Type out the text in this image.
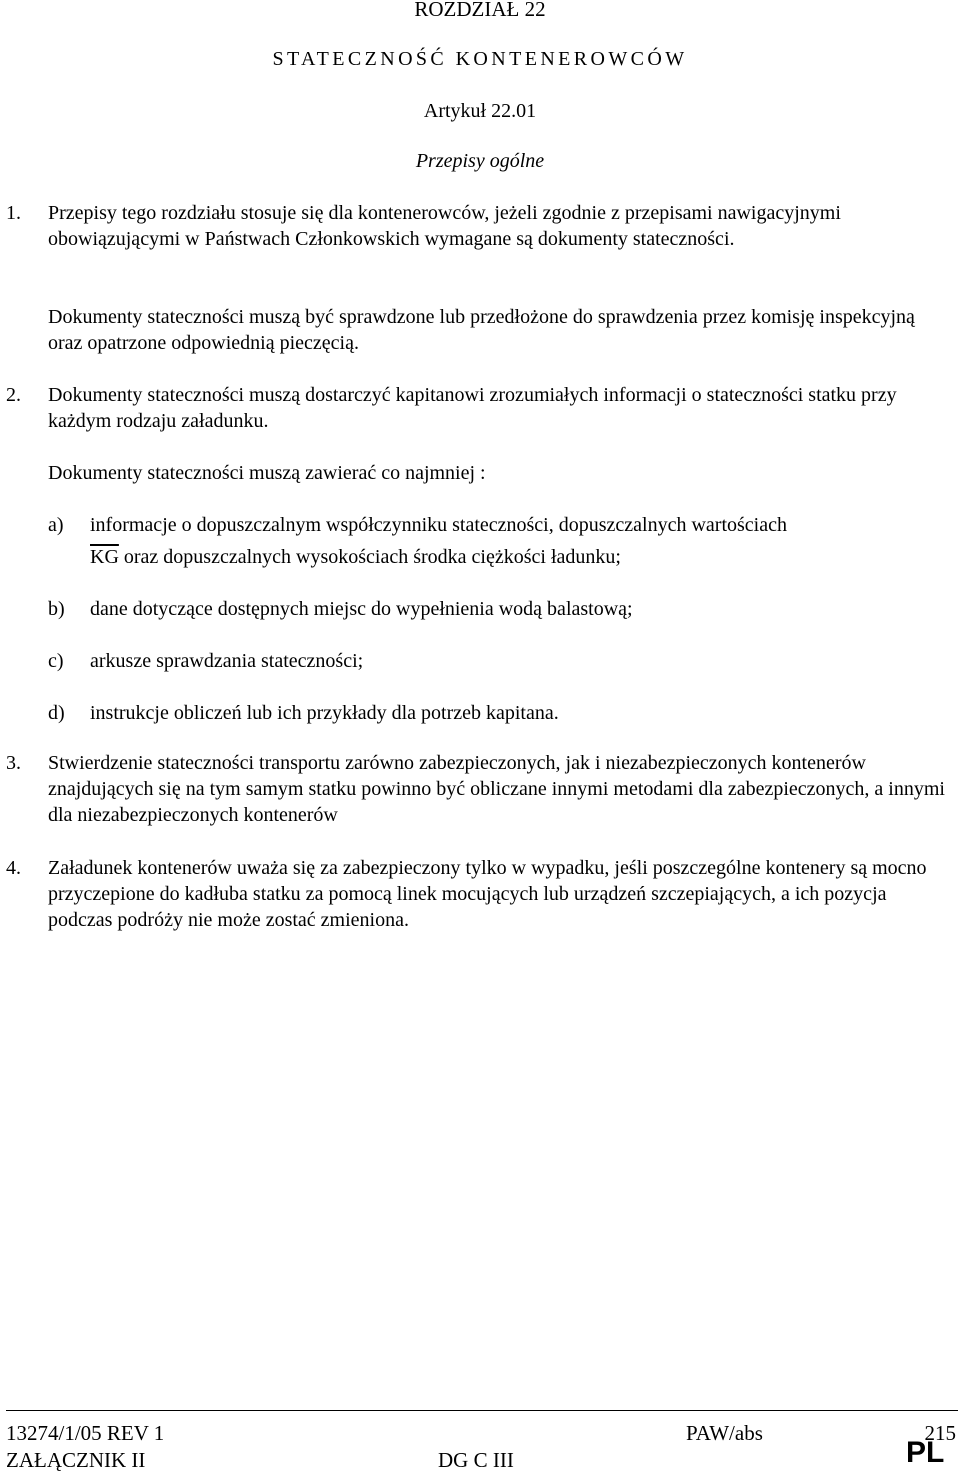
ROZDZIAŁ 22
STATECZNOŚĆ KONTENEROWCÓW
Artykuł 22.01
Przepisy ogólne
1. Przepisy tego rozdziału stosuje się dla kontenerowców, jeżeli zgodnie z przepisami nawigacyjnymi obowiązującymi w Państwach Członkowskich wymagane są dokumenty stateczności.

Dokumenty stateczności muszą być sprawdzone lub przedłożone do sprawdzenia przez komisję inspekcyjną oraz opatrzone odpowiednią pieczęcią.

2. Dokumenty stateczności muszą dostarczyć kapitanowi zrozumiałych informacji o stateczności statku przy każdym rodzaju załadunku.

Dokumenty stateczności muszą zawierać co najmniej :

a) informacje o dopuszczalnym współczynniku stateczności, dopuszczalnych wartościach
$\overline{KG}$ oraz dopuszczalnych wysokościach środka ciężkości ładunku;
b) dane dotyczące dostępnych miejsc do wypełnienia wodą balastową;
c) arkusze sprawdzania stateczności;
d) instrukcje obliczeń lub ich przykłady dla potrzeb kapitana.
3. Stwierdzenie stateczności transportu zarówno zabezpieczonych, jak i niezabezpieczonych kontenerów znajdujących się na tym samym statku powinno być obliczane innymi metodami dla zabezpieczonych, a innymi dla niezabezpieczonych kontenerów

4. Załadunek kontenerów uważa się za zabezpieczony tylko w wypadku, jeśli poszczególne kontenery są mocno przyczepione do kadłuba statku za pomocą linek mocujących lub urządzeń szczepiających, a ich pozycja podczas podróży nie może zostać zmieniona.

13274/1/05 REV 1	PAW/abs	215
ZAŁĄCZNIK II	DG C III	PL
